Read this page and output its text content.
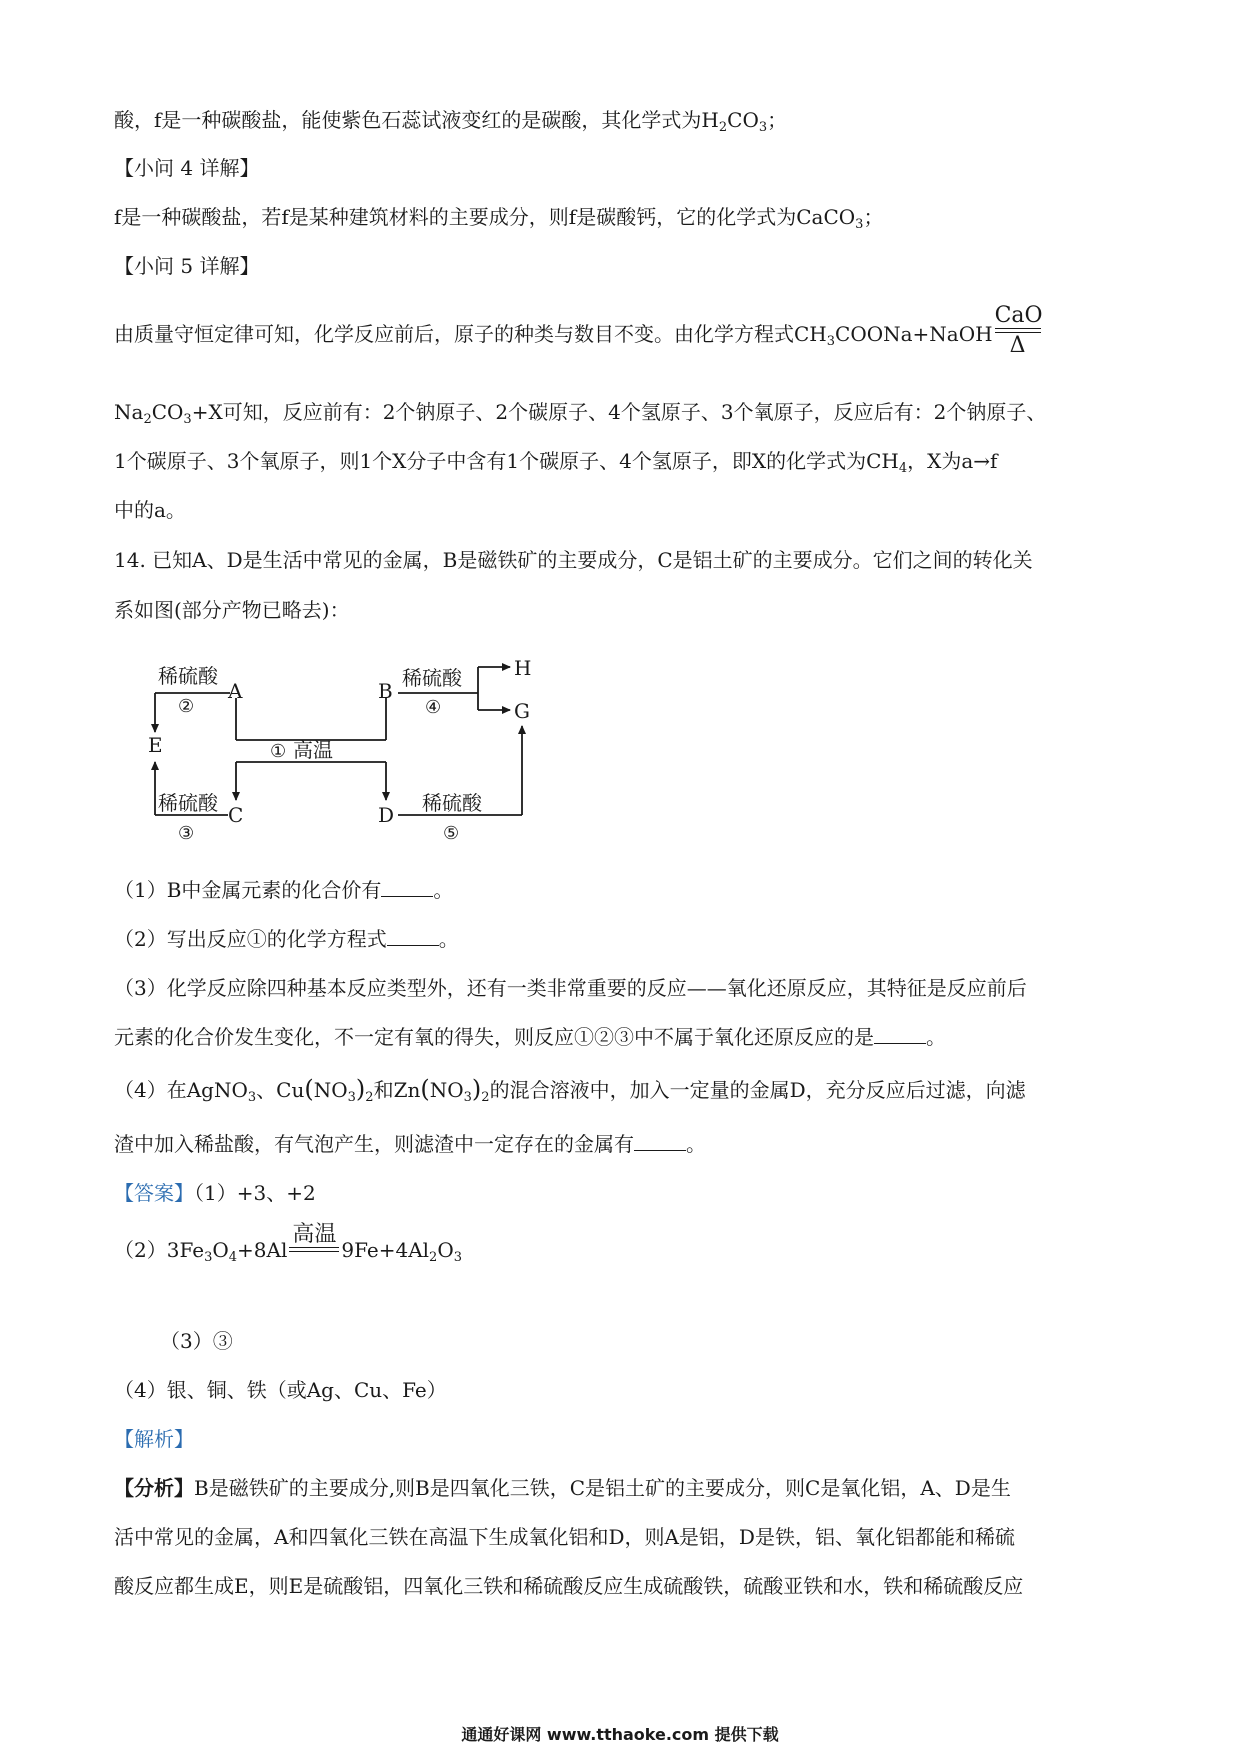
酸，f是一种碳酸盐，能使紫色石蕊试液变红的是碳酸，其化学式为$H_2CO_3$；
【小问 4 详解】
f是一种碳酸盐，若f是某种建筑材料的主要成分，则f是碳酸钙，它的化学式为CaCO$_3$；
【小问 5 详解】
由质量守恒定律可知，化学反应前后，原子的种类与数目不变。由化学方程式$CH_3COONa+NaOH$
CaO
Δ
$Na_2CO_3+X$可知，反应前有：2个钠原子、2个碳原子、4个氢原子、3个氧原子，反应后有：2个钠原子、
1个碳原子、3个氧原子，则1个X分子中含有1个碳原子、4个氢原子，即X的化学式为$CH_4$，X为a→f
中的a。
14. 已知A、D是生活中常见的金属，B是磁铁矿的主要成分，C是铝土矿的主要成分。它们之间的转化关
系如图(部分产物已略去)：
A	B
C	D
E
H
G
稀硫酸
②
稀硫酸
④
① 高温
稀硫酸
③
稀硫酸
⑤
（1）B中金属元素的化合价有	。
（2）写出反应①的化学方程式	。
（3）化学反应除四种基本反应类型外，还有一类非常重要的反应——氧化还原反应，其特征是反应前后
元素的化合价发生变化，不一定有氧的得失，则反应①②③中不属于氧化还原反应的是	。
（4）在AgNO$_3$、$Cu(NO_3)_2$和$Zn(NO_3)_2$的混合溶液中，加入一定量的金属D，充分反应后过滤，向滤
渣中加入稀盐酸，有气泡产生，则滤渣中一定存在的金属有	。
【答案】（1）+3、+2
$(2)3Fe_3O_4+8Al$
高温
$9Fe+4Al_2O_3$
（3）③
（4）银、铜、铁（或Ag、Cu、Fe）
【解析】
【分析】B是磁铁矿的主要成分,则B是四氧化三铁，C是铝土矿的主要成分，则C是氧化铝，A、D是生
活中常见的金属，A和四氧化三铁在高温下生成氧化铝和D，则A是铝，D是铁，铝、氧化铝都能和稀硫
酸反应都生成E，则E是硫酸铝，四氧化三铁和稀硫酸反应生成硫酸铁，硫酸亚铁和水，铁和稀硫酸反应
通通好课网 www.tthaoke.com 提供下载
